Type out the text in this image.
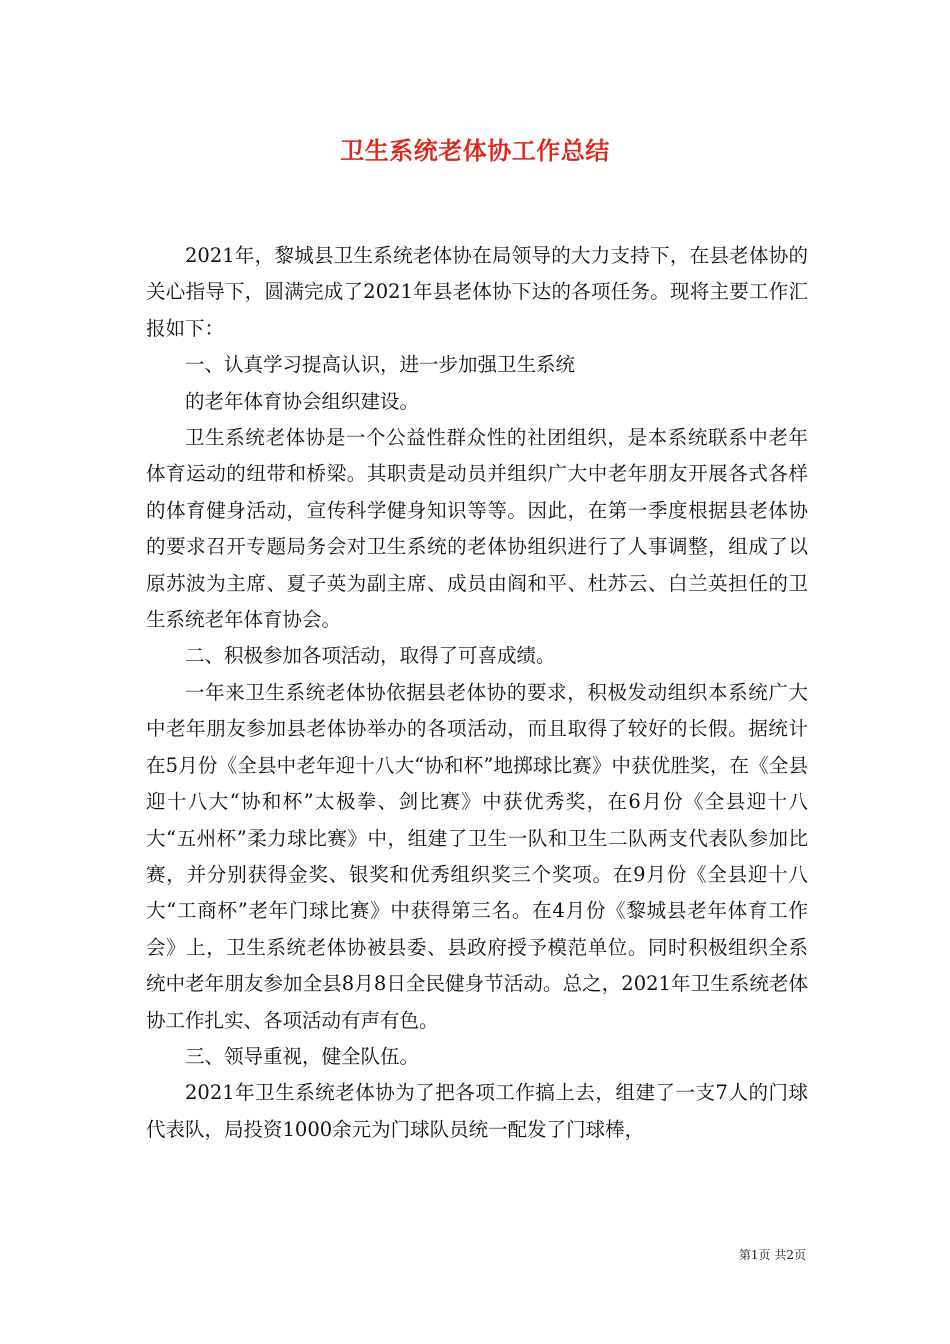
卫生系统老体协工作总结

2021年，黎城县卫生系统老体协在局领导的大力支持下，在县老体协的关心指导下，圆满完成了2021年县老体协下达的各项任务。现将主要工作汇报如下：

一、认真学习提高认识，进一步加强卫生系统

的老年体育协会组织建设。

卫生系统老体协是一个公益性群众性的社团组织，是本系统联系中老年体育运动的纽带和桥梁。其职责是动员并组织广大中老年朋友开展各式各样的体育健身活动，宣传科学健身知识等等。因此，在第一季度根据县老体协的要求召开专题局务会对卫生系统的老体协组织进行了人事调整，组成了以原苏波为主席、夏子英为副主席、成员由阎和平、杜苏云、白兰英担任的卫生系统老年体育协会。

二、积极参加各项活动，取得了可喜成绩。

一年来卫生系统老体协依据县老体协的要求，积极发动组织本系统广大中老年朋友参加县老体协举办的各项活动，而且取得了较好的长假。据统计在5月份《全县中老年迎十八大“协和杯”地掷球比赛》中获优胜奖，在《全县迎十八大“协和杯”太极拳、剑比赛》中获优秀奖，在6月份《全县迎十八大“五州杯”柔力球比赛》中，组建了卫生一队和卫生二队两支代表队参加比赛，并分别获得金奖、银奖和优秀组织奖三个奖项。在9月份《全县迎十八大“工商杯”老年门球比赛》中获得第三名。在4月份《黎城县老年体育工作会》上，卫生系统老体协被县委、县政府授予模范单位。同时积极组织全系统中老年朋友参加全县8月8日全民健身节活动。总之，2021年卫生系统老体协工作扎实、各项活动有声有色。

三、领导重视，健全队伍。

2021年卫生系统老体协为了把各项工作搞上去，组建了一支7人的门球代表队，局投资1000余元为门球队员统一配发了门球棒，

第1页 共2页
